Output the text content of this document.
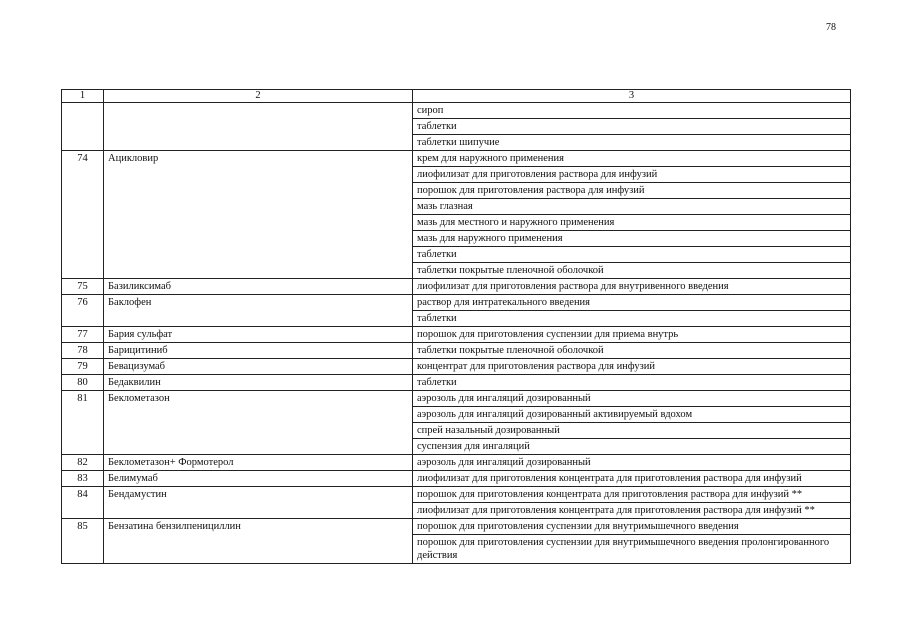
78
1	2	3
		сироп
		таблетки
		таблетки шипучие
74	Ацикловир	крем для наружного применения
		лиофилизат для приготовления раствора для инфузий
		порошок для приготовления раствора для инфузий
		мазь глазная
		мазь для местного и наружного применения
		мазь для наружного применения
		таблетки
		таблетки покрытые пленочной оболочкой
75	Базиликсимаб	лиофилизат для приготовления раствора для внутривенного введения
76	Баклофен	раствор для интратекального введения
		таблетки
77	Бария сульфат	порошок для приготовления суспензии для приема внутрь
78	Барицитиниб	таблетки покрытые пленочной оболочкой
79	Бевацизумаб	концентрат для приготовления раствора для инфузий
80	Бедаквилин	таблетки
81	Беклометазон	аэрозоль для ингаляций дозированный
		аэрозоль для ингаляций дозированный активируемый вдохом
		спрей назальный дозированный
		суспензия для ингаляций
82	Беклометазон+ Формотерол	аэрозоль для ингаляций дозированный
83	Белимумаб	лиофилизат для приготовления концентрата для приготовления раствора для инфузий
84	Бендамустин	порошок для приготовления концентрата для приготовления раствора для инфузий **
		лиофилизат для приготовления концентрата для приготовления раствора для инфузий **
85	Бензатина бензилпенициллин	порошок для приготовления суспензии для внутримышечного введения
		порошок для приготовления суспензии для внутримышечного введения пролонгированного действия
